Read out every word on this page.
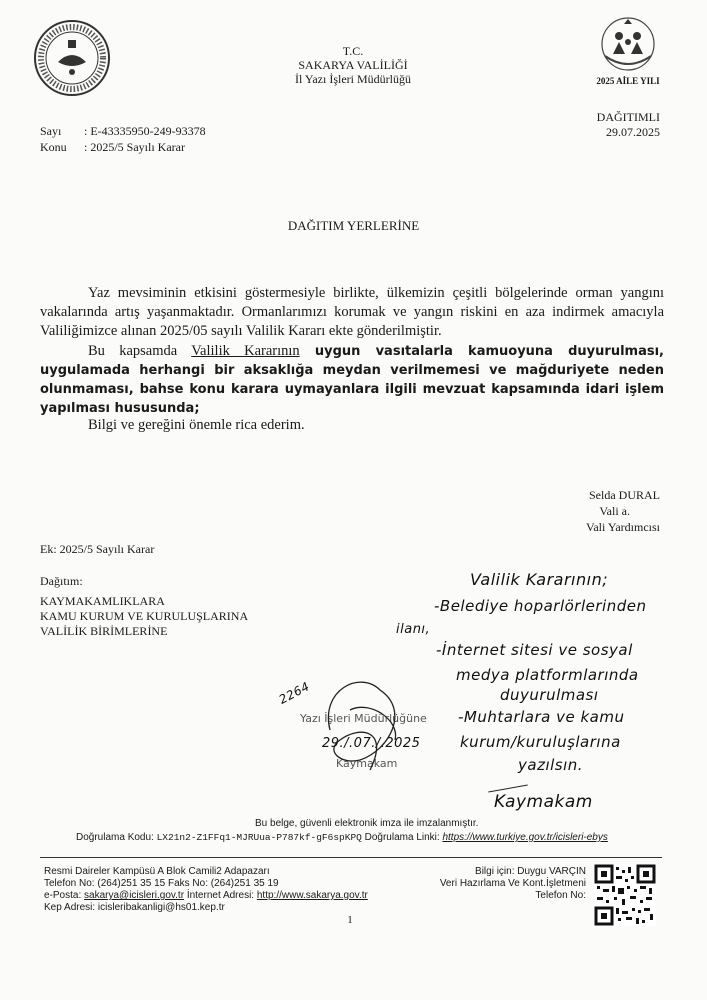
2025 AİLE YILI
T.C.
SAKARYA VALİLİĞİ
İl Yazı İşleri Müdürlüğü
DAĞITIMLI
29.07.2025
Sayı : E-43335950-249-93378
Konu : 2025/5 Sayılı Karar
DAĞITIM YERLERİNE
Yaz mevsiminin etkisini göstermesiyle birlikte, ülkemizin çeşitli bölgelerinde orman yangını vakalarında artış yaşanmaktadır. Ormanlarımızı korumak ve yangın riskini en aza indirmek amacıyla Valiliğimizce alınan 2025/05 sayılı Valilik Kararı ekte gönderilmiştir.
Bu kapsamda Valilik Kararının uygun vasıtalarla kamuoyuna duyurulması, uygulamada herhangi bir aksaklığa meydan verilmemesi ve mağduriyete neden olunmaması, bahse konu karara uymayanlara ilgili mevzuat kapsamında idari işlem yapılması hususunda;
Bilgi ve gereğini önemle rica ederim.
Selda DURAL
Vali a.
Vali Yardımcısı
Ek: 2025/5 Sayılı Karar
Dağıtım:
KAYMAKAMLIKLARA
KAMU KURUM VE KURULUŞLARINA
VALİLİK BİRİMLERİNE
Valilik Kararının;
-Belediye hoparlörlerinden
ilanı,
-İnternet sitesi ve sosyal
medya platformlarında
duyurulması
-Muhtarlara ve kamu
kurum/kuruluşlarına
yazılsın.
Kaymakam
2264
Yazı İşleri Müdürlüğüne
29./.07./.2025
Kaymakam
Bu belge, güvenli elektronik imza ile imzalanmıştır.
Doğrulama Kodu: LX21n2-Z1FFq1-MJRUua-P787kf-gF6spKPQ Doğrulama Linki: https://www.turkiye.gov.tr/icisleri-ebys
Resmi Daireler Kampüsü A Blok Camili2 Adapazarı
Telefon No: (264)251 35 15 Faks No: (264)251 35 19
e-Posta: sakarya@icisleri.gov.tr İnternet Adresi: http://www.sakarya.gov.tr
Kep Adresi: icisleribakanligi@hs01.kep.tr
Bilgi için: Duygu VARÇIN
Veri Hazırlama Ve Kont.İşletmeni
Telefon No:
1
